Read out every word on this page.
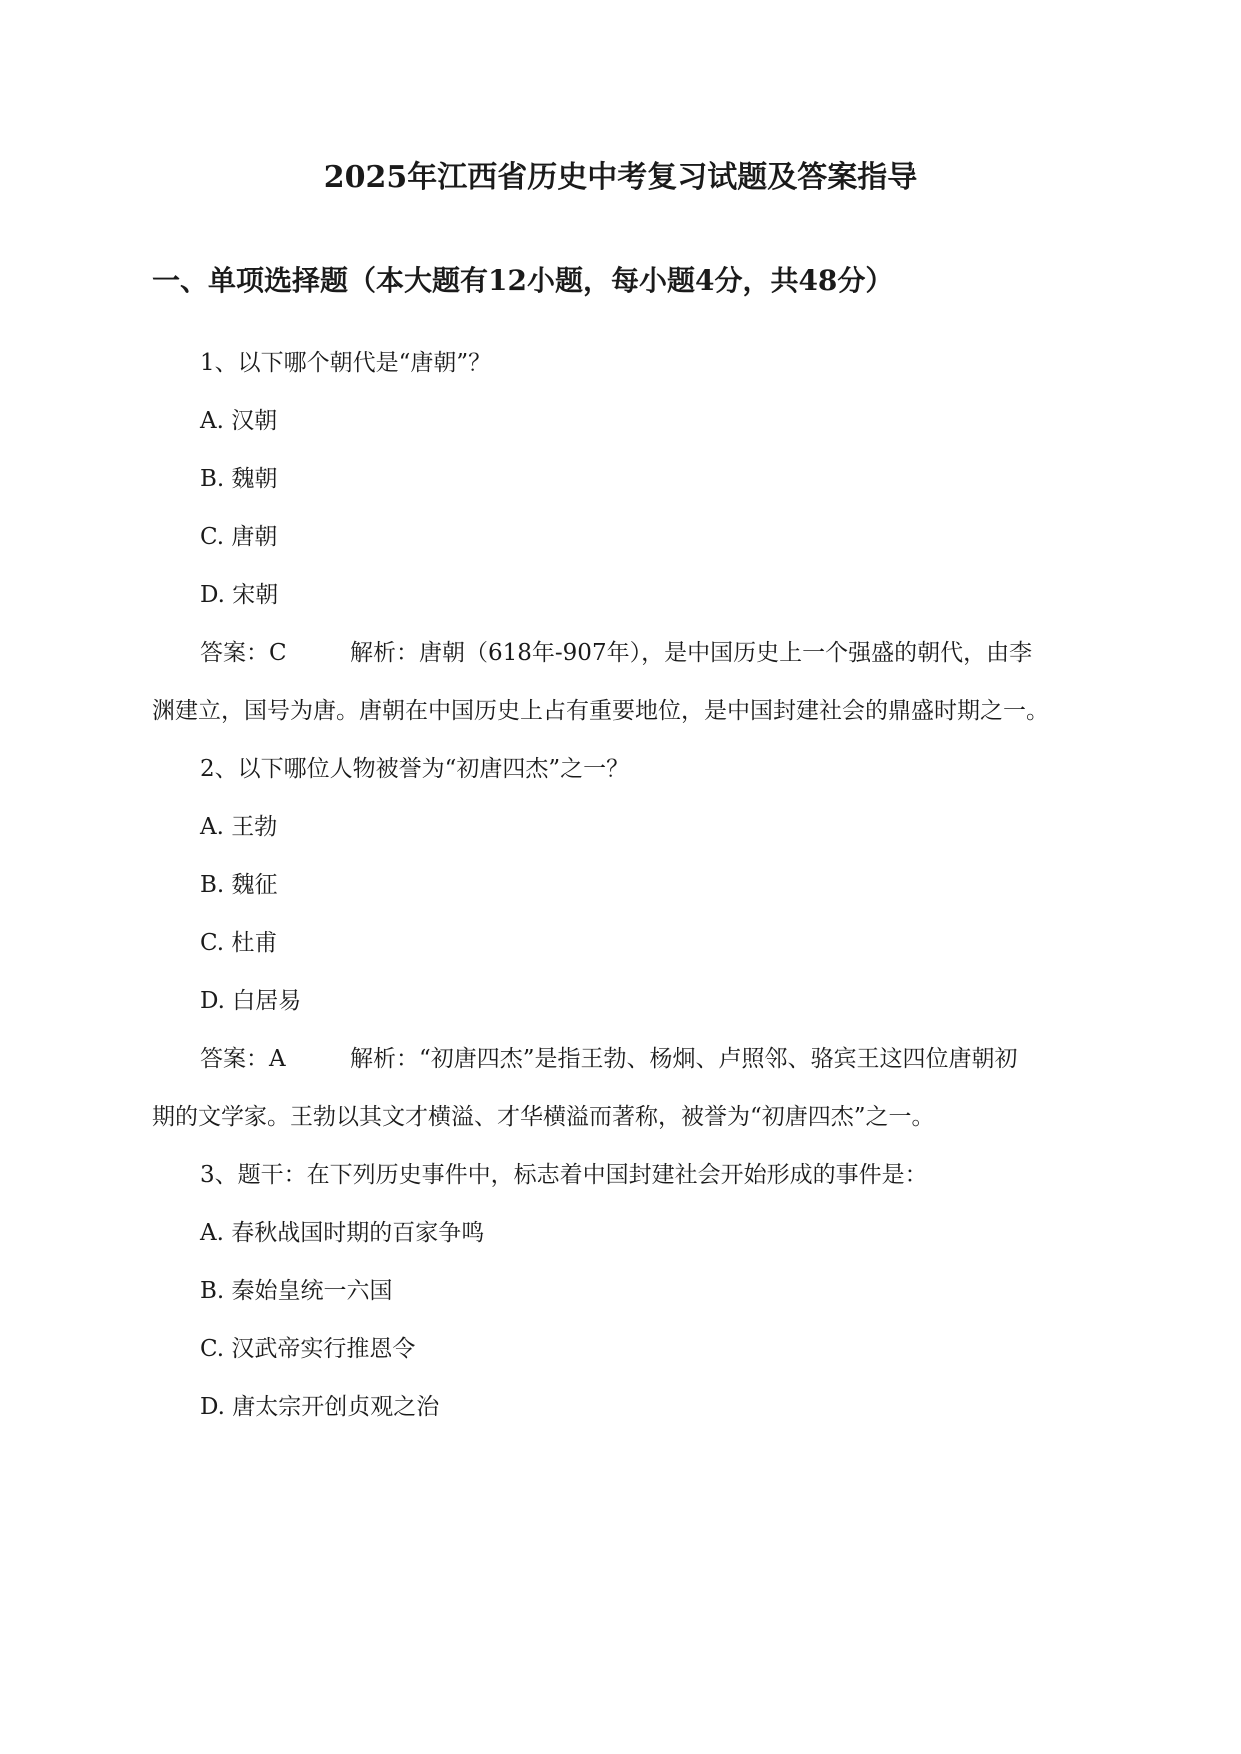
2025年江西省历史中考复习试题及答案指导
一、单项选择题（本大题有12小题，每小题4分，共48分）
1、以下哪个朝代是“唐朝”？
A. 汉朝
B. 魏朝
C. 唐朝
D. 宋朝
答案：C	解析：唐朝（618年-907年），是中国历史上一个强盛的朝代，由李
渊建立，国号为唐。唐朝在中国历史上占有重要地位，是中国封建社会的鼎盛时期之一。
2、以下哪位人物被誉为“初唐四杰”之一？
A. 王勃
B. 魏征
C. 杜甫
D. 白居易
答案：A	解析：“初唐四杰”是指王勃、杨炯、卢照邻、骆宾王这四位唐朝初
期的文学家。王勃以其文才横溢、才华横溢而著称，被誉为“初唐四杰”之一。
3、题干：在下列历史事件中，标志着中国封建社会开始形成的事件是：
A. 春秋战国时期的百家争鸣
B. 秦始皇统一六国
C. 汉武帝实行推恩令
D. 唐太宗开创贞观之治
